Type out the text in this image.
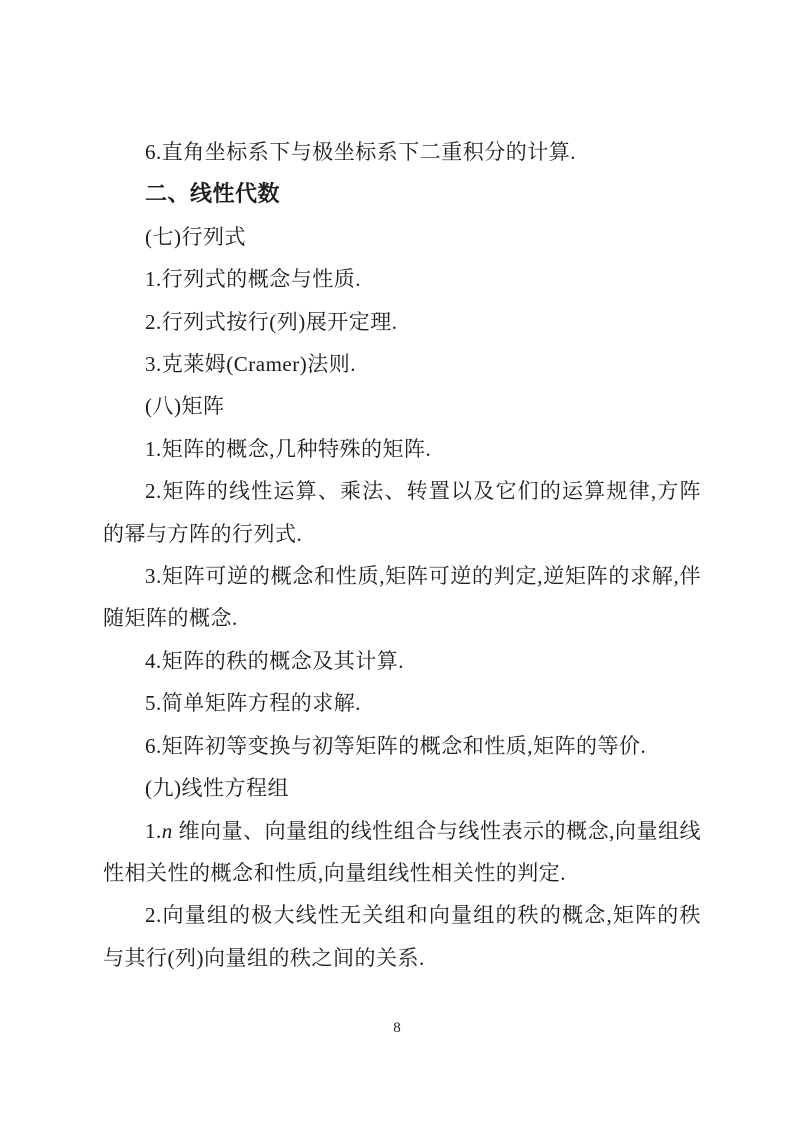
6.直角坐标系下与极坐标系下二重积分的计算.

二、线性代数

(七)行列式

1.行列式的概念与性质.

2.行列式按行(列)展开定理.

3.克莱姆(Cramer)法则.

(八)矩阵

1.矩阵的概念,几种特殊的矩阵.

2.矩阵的线性运算、乘法、转置以及它们的运算规律,方阵的幂与方阵的行列式.

3.矩阵可逆的概念和性质,矩阵可逆的判定,逆矩阵的求解,伴随矩阵的概念.

4.矩阵的秩的概念及其计算.

5.简单矩阵方程的求解.

6.矩阵初等变换与初等矩阵的概念和性质,矩阵的等价.

(九)线性方程组

1.n 维向量、向量组的线性组合与线性表示的概念,向量组线性相关性的概念和性质,向量组线性相关性的判定.

2.向量组的极大线性无关组和向量组的秩的概念,矩阵的秩与其行(列)向量组的秩之间的关系.

8
